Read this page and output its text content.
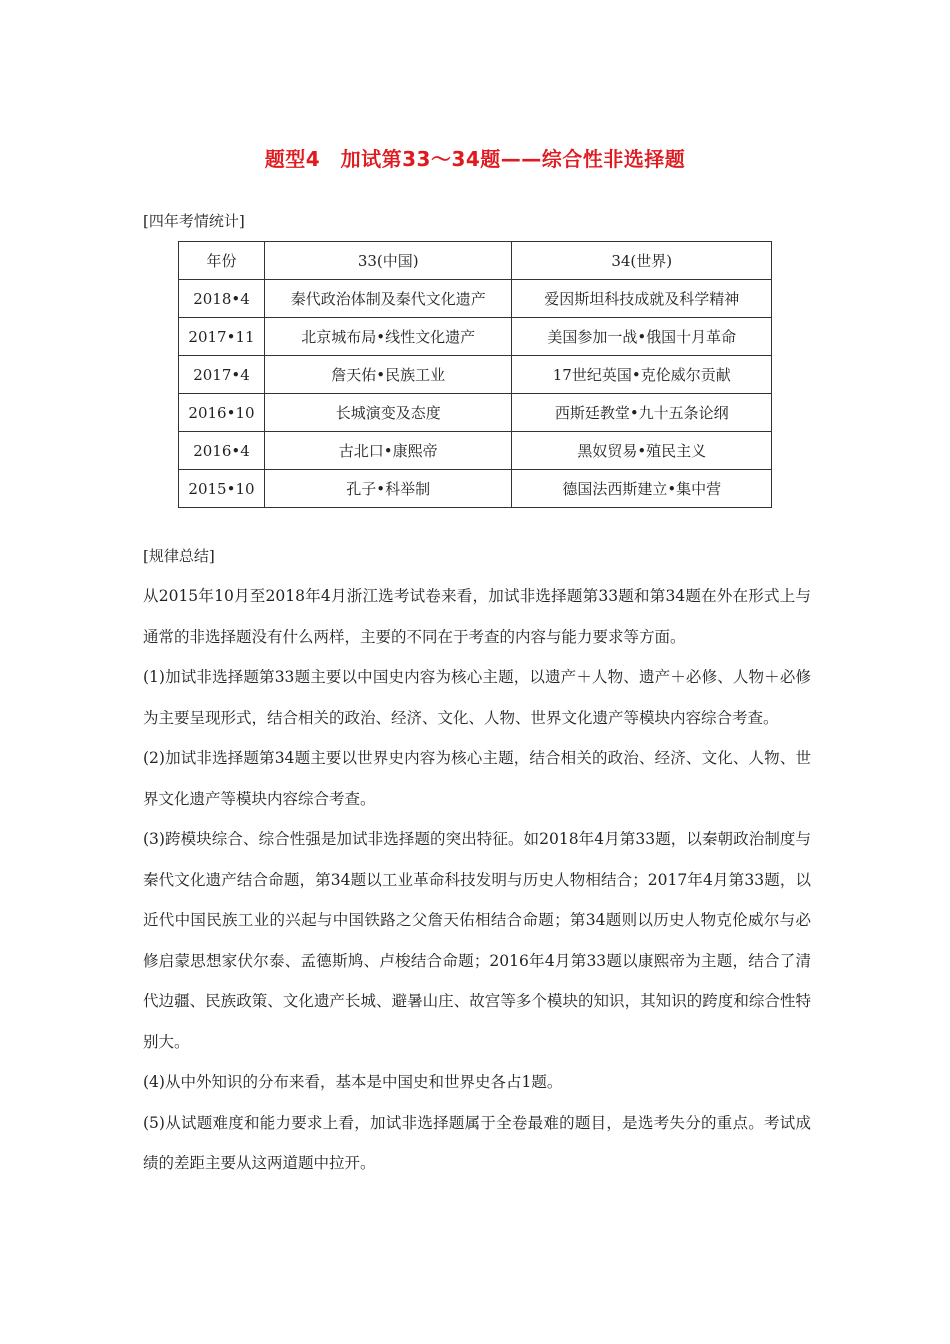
题型4　加试第33～34题——综合性非选择题
[四年考情统计]
年份	33(中国)	34(世界)
2018•4	秦代政治体制及秦代文化遗产	爱因斯坦科技成就及科学精神
2017•11	北京城布局•线性文化遗产	美国参加一战•俄国十月革命
2017•4	詹天佑•民族工业	17世纪英国•克伦威尔贡献
2016•10	长城演变及态度	西斯廷教堂•九十五条论纲
2016•4	古北口•康熙帝	黑奴贸易•殖民主义
2015•10	孔子•科举制	德国法西斯建立•集中营
[规律总结]

从2015年10月至2018年4月浙江选考试卷来看，加试非选择题第33题和第34题在外在形式上与通常的非选择题没有什么两样，主要的不同在于考查的内容与能力要求等方面。

(1)加试非选择题第33题主要以中国史内容为核心主题，以遗产＋人物、遗产＋必修、人物＋必修为主要呈现形式，结合相关的政治、经济、文化、人物、世界文化遗产等模块内容综合考查。

(2)加试非选择题第34题主要以世界史内容为核心主题，结合相关的政治、经济、文化、人物、世界文化遗产等模块内容综合考查。

(3)跨模块综合、综合性强是加试非选择题的突出特征。如2018年4月第33题，以秦朝政治制度与秦代文化遗产结合命题，第34题以工业革命科技发明与历史人物相结合；2017年4月第33题，以近代中国民族工业的兴起与中国铁路之父詹天佑相结合命题；第34题则以历史人物克伦威尔与必修启蒙思想家伏尔泰、孟德斯鸠、卢梭结合命题；2016年4月第33题以康熙帝为主题，结合了清代边疆、民族政策、文化遗产长城、避暑山庄、故宫等多个模块的知识，其知识的跨度和综合性特别大。

(4)从中外知识的分布来看，基本是中国史和世界史各占1题。

(5)从试题难度和能力要求上看，加试非选择题属于全卷最难的题目，是选考失分的重点。考试成绩的差距主要从这两道题中拉开。
